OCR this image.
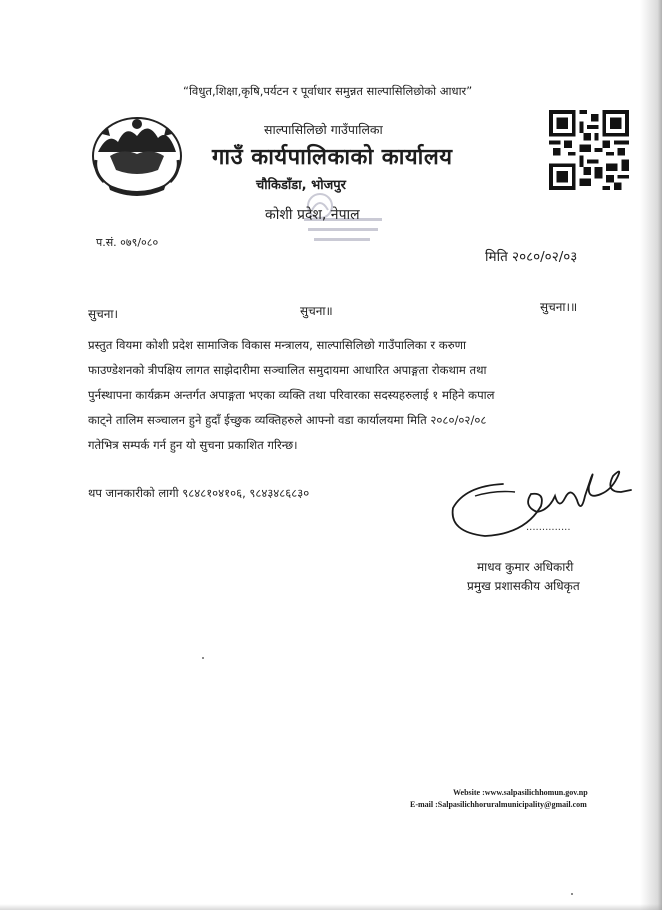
“विधुत,शिक्षा,कृषि,पर्यटन र पूर्वाधार समुन्नत साल्पासिलिछोको आधार”
साल्पासिलिछो गाउँपालिका
गाउँ कार्यपालिकाको कार्यालय
चौकिडाँडा, भोजपुर
कोशी प्रदेश, नेपाल
प.सं. ०७९/०८०
मिति २०८०/०२/०३
सुचना।	सुचना॥	सुचना।॥
प्रस्तुत वियमा कोशी प्रदेश सामाजिक विकास मन्त्रालय, साल्पासिलिछो गाउँपालिका र करुणा
फाउण्डेशनको त्रीपक्षिय लागत साझेदारीमा सञ्चालित समुदायमा आधारित अपाङ्गता रोकथाम तथा
पुर्नस्थापना कार्यक्रम अन्तर्गत अपाङ्गता भएका व्यक्ति तथा परिवारका सदस्यहरुलाई १ महिने कपाल
काट्ने तालिम सञ्चालन हुने हुदाँ ईच्छुक व्यक्तिहरुले आफ्नो वडा कार्यालयमा मिति २०८०/०२/०८
गतेभित्र सम्पर्क गर्न हुन यो सुचना प्रकाशित गरिन्छ।
थप जानकारीको लागी ९८४८१०४१०६, ९८४३४८६८३०
..............
माधव कुमार अधिकारी
प्रमुख प्रशासकीय अधिकृत
Website :www.salpasilichhomun.gov.np
E-mail :Salpasilichhoruralmunicipality@gmail.com
